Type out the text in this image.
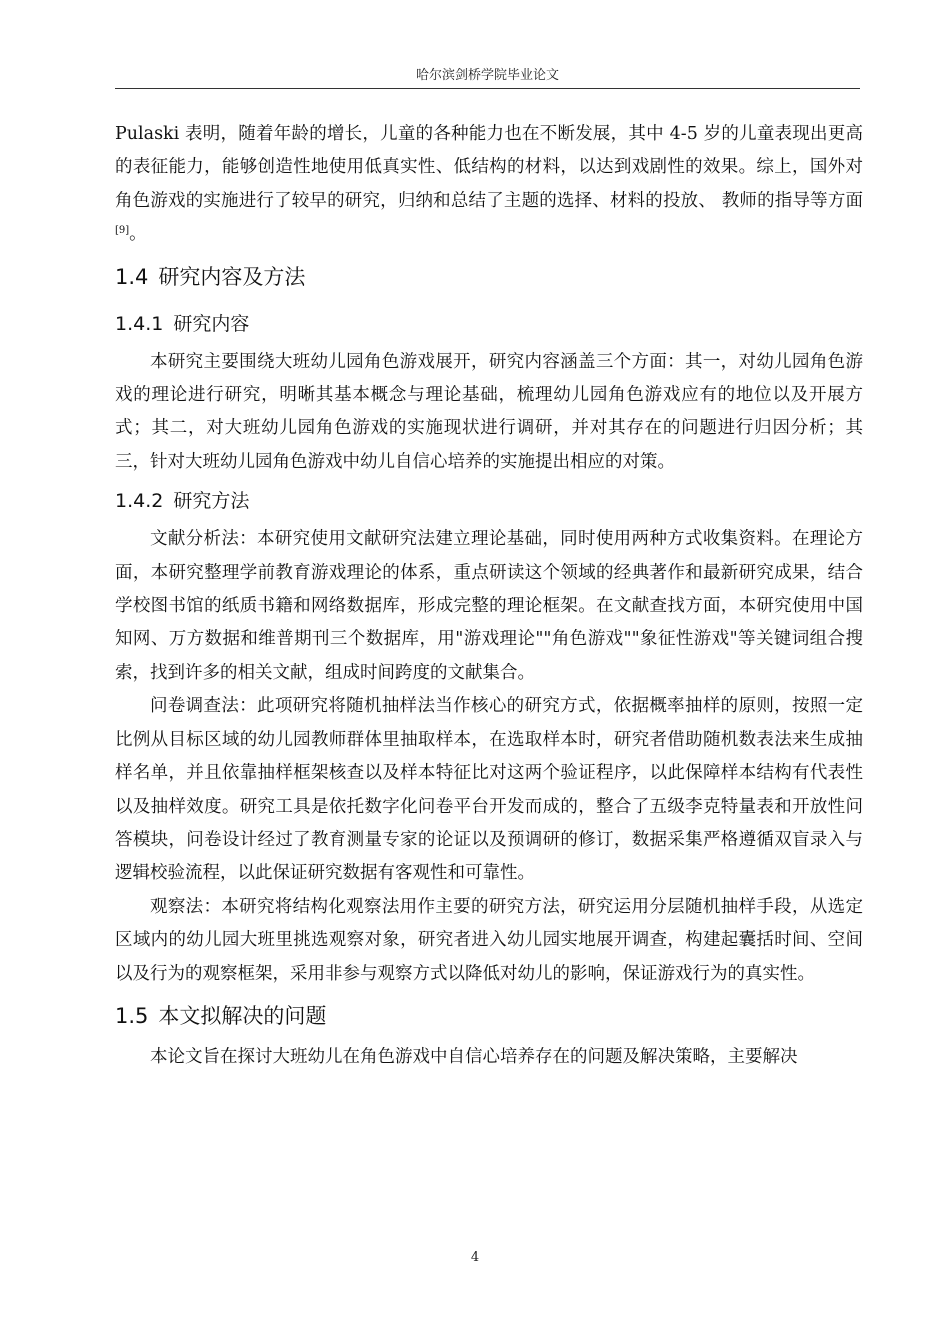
哈尔滨剑桥学院毕业论文

Pulaski 表明，随着年龄的增长，儿童的各种能力也在不断发展，其中 4-5 岁的儿童表现出更高的表征能力，能够创造性地使用低真实性、低结构的材料，以达到戏剧性的效果。综上，国外对角色游戏的实施进行了较早的研究，归纳和总结了主题的选择、材料的投放、 教师的指导等方面[9]。

1.4 研究内容及方法
1.4.1 研究内容

本研究主要围绕大班幼儿园角色游戏展开，研究内容涵盖三个方面：其一，对幼儿园角色游戏的理论进行研究，明晰其基本概念与理论基础，梳理幼儿园角色游戏应有的地位以及开展方式；其二，对大班幼儿园角色游戏的实施现状进行调研，并对其存在的问题进行归因分析；其三，针对大班幼儿园角色游戏中幼儿自信心培养的实施提出相应的对策。

1.4.2 研究方法

文献分析法：本研究使用文献研究法建立理论基础，同时使用两种方式收集资料。在理论方面，本研究整理学前教育游戏理论的体系，重点研读这个领域的经典著作和最新研究成果，结合学校图书馆的纸质书籍和网络数据库，形成完整的理论框架。在文献查找方面，本研究使用中国知网、万方数据和维普期刊三个数据库，用"游戏理论""角色游戏""象征性游戏"等关键词组合搜索，找到许多的相关文献，组成时间跨度的文献集合。

问卷调查法：此项研究将随机抽样法当作核心的研究方式，依据概率抽样的原则，按照一定比例从目标区域的幼儿园教师群体里抽取样本，在选取样本时，研究者借助随机数表法来生成抽样名单，并且依靠抽样框架核查以及样本特征比对这两个验证程序，以此保障样本结构有代表性以及抽样效度。研究工具是依托数字化问卷平台开发而成的，整合了五级李克特量表和开放性问答模块，问卷设计经过了教育测量专家的论证以及预调研的修订，数据采集严格遵循双盲录入与逻辑校验流程，以此保证研究数据有客观性和可靠性。

观察法：本研究将结构化观察法用作主要的研究方法，研究运用分层随机抽样手段，从选定区域内的幼儿园大班里挑选观察对象，研究者进入幼儿园实地展开调查，构建起囊括时间、空间以及行为的观察框架，采用非参与观察方式以降低对幼儿的影响，保证游戏行为的真实性。

1.5 本文拟解决的问题

本论文旨在探讨大班幼儿在角色游戏中自信心培养存在的问题及解决策略，主要解决

4
